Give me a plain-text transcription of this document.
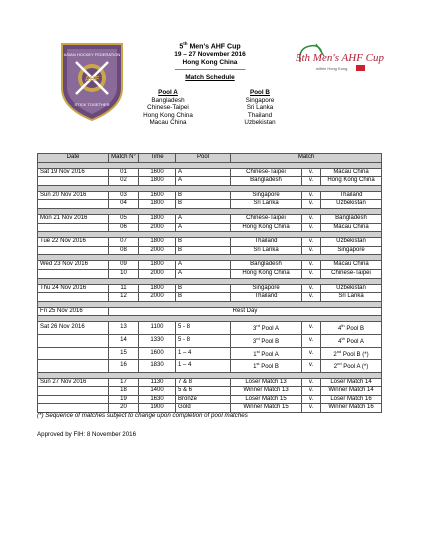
ASIAN HOCKEY FEDERATION
AHF
STICK TOGETHER
5th Men's AHF Cup
within Hong Kong
5th Men's AHF Cup
19 – 27 November 2016
Hong Kong China
-----------------------------------------------
Match Schedule
Pool A
Bangladesh
Chinese-Taipei
Hong Kong China
Macau China
Pool B
Singapore
Sri Lanka
Thailand
Uzbekistan
Date	Match N°	Time	Pool	Match		

Sat 19 Nov 2016	01	1600	A	Chinese-Taipei	v.	Macau China
	02	1800	A	Bangladesh	v.	Hong Kong China

Sun 20 Nov 2016	03	1600	B	Singapore	v.	Thailand
	04	1800	B	Sri Lanka	v.	Uzbekistan

Mon 21 Nov 2016	05	1800	A	Chinese-Taipei	v.	Bangladesh
	06	2000	A	Hong Kong China	v.	Macau China

Tue 22 Nov 2016	07	1800	B	Thailand	v.	Uzbekistan
	08	2000	B	Sri Lanka	v.	Singapore

Wed 23 Nov 2016	09	1800	A	Bangladesh	v.	Macau China
	10	2000	A	Hong Kong China	v.	Chinese-Taipei

Thu 24 Nov 2016	11	1800	B	Singapore	v.	Uzbekistan
	12	2000	B	Thailand	v.	Sri Lanka

Fri 25 Nov 2016	Rest Day					

Sat 26 Nov 2016	13	1100	5 - 8	3rd Pool A	v.	4th Pool B
	14	1330	5 - 8	3rd Pool B	v.	4th Pool A
	15	1600	1 – 4	1st Pool A	v.	2nd Pool B (*)
	16	1830	1 – 4	1st Pool B	v.	2nd Pool A (*)

Sun 27 Nov 2016	17	1130	7 & 8	Loser Match 13	v.	Loser Match 14
	18	1400	5 & 6	Winner Match 13	v.	Winner Match 14
	19	1630	Bronze	Loser Match 15	v.	Loser Match 16
	20	1900	Gold	Winner Match 15	v.	Winner Match 16
(*) Sequence of matches subject to change upon completion of pool matches
Approved by FIH: 8 November 2016
